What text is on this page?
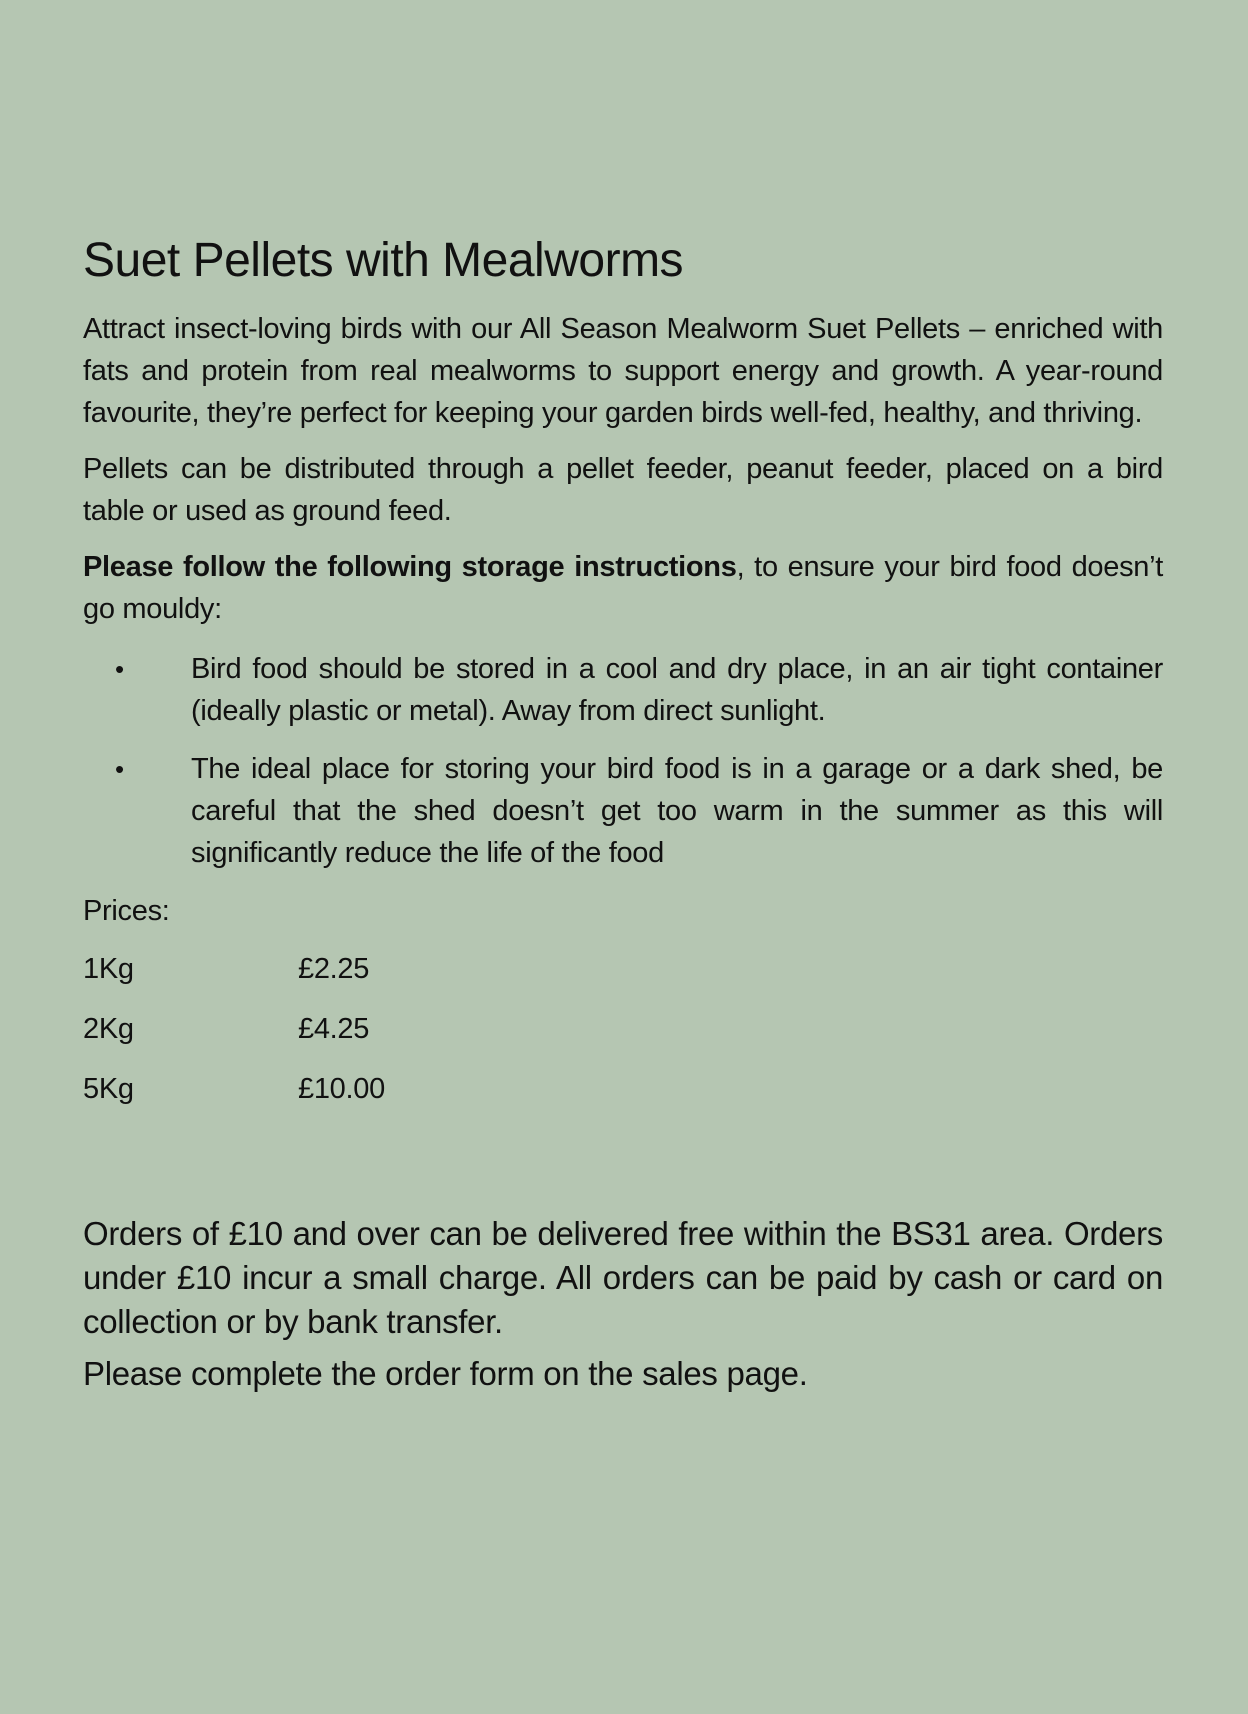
Suet Pellets with Mealworms

Attract insect-loving birds with our All Season Mealworm Suet Pellets – enriched with fats and protein from real mealworms to support energy and growth. A year-round favourite, they’re perfect for keeping your garden birds well-fed, healthy, and thriving.

Pellets can be distributed through a pellet feeder, peanut feeder, placed on a bird table or used as ground feed.

Please follow the following storage instructions, to ensure your bird food doesn’t go mouldy:

• Bird food should be stored in a cool and dry place, in an air tight container (ideally plastic or metal). Away from direct sunlight.
• The ideal place for storing your bird food is in a garage or a dark shed, be careful that the shed doesn’t get too warm in the summer as this will significantly reduce the life of the food
Prices:
1Kg	£2.25
2Kg	£4.25
5Kg	£10.00

Orders of £10 and over can be delivered free within the BS31 area. Orders under £10 incur a small charge. All orders can be paid by cash or card on collection or by bank transfer.

Please complete the order form on the sales page.
